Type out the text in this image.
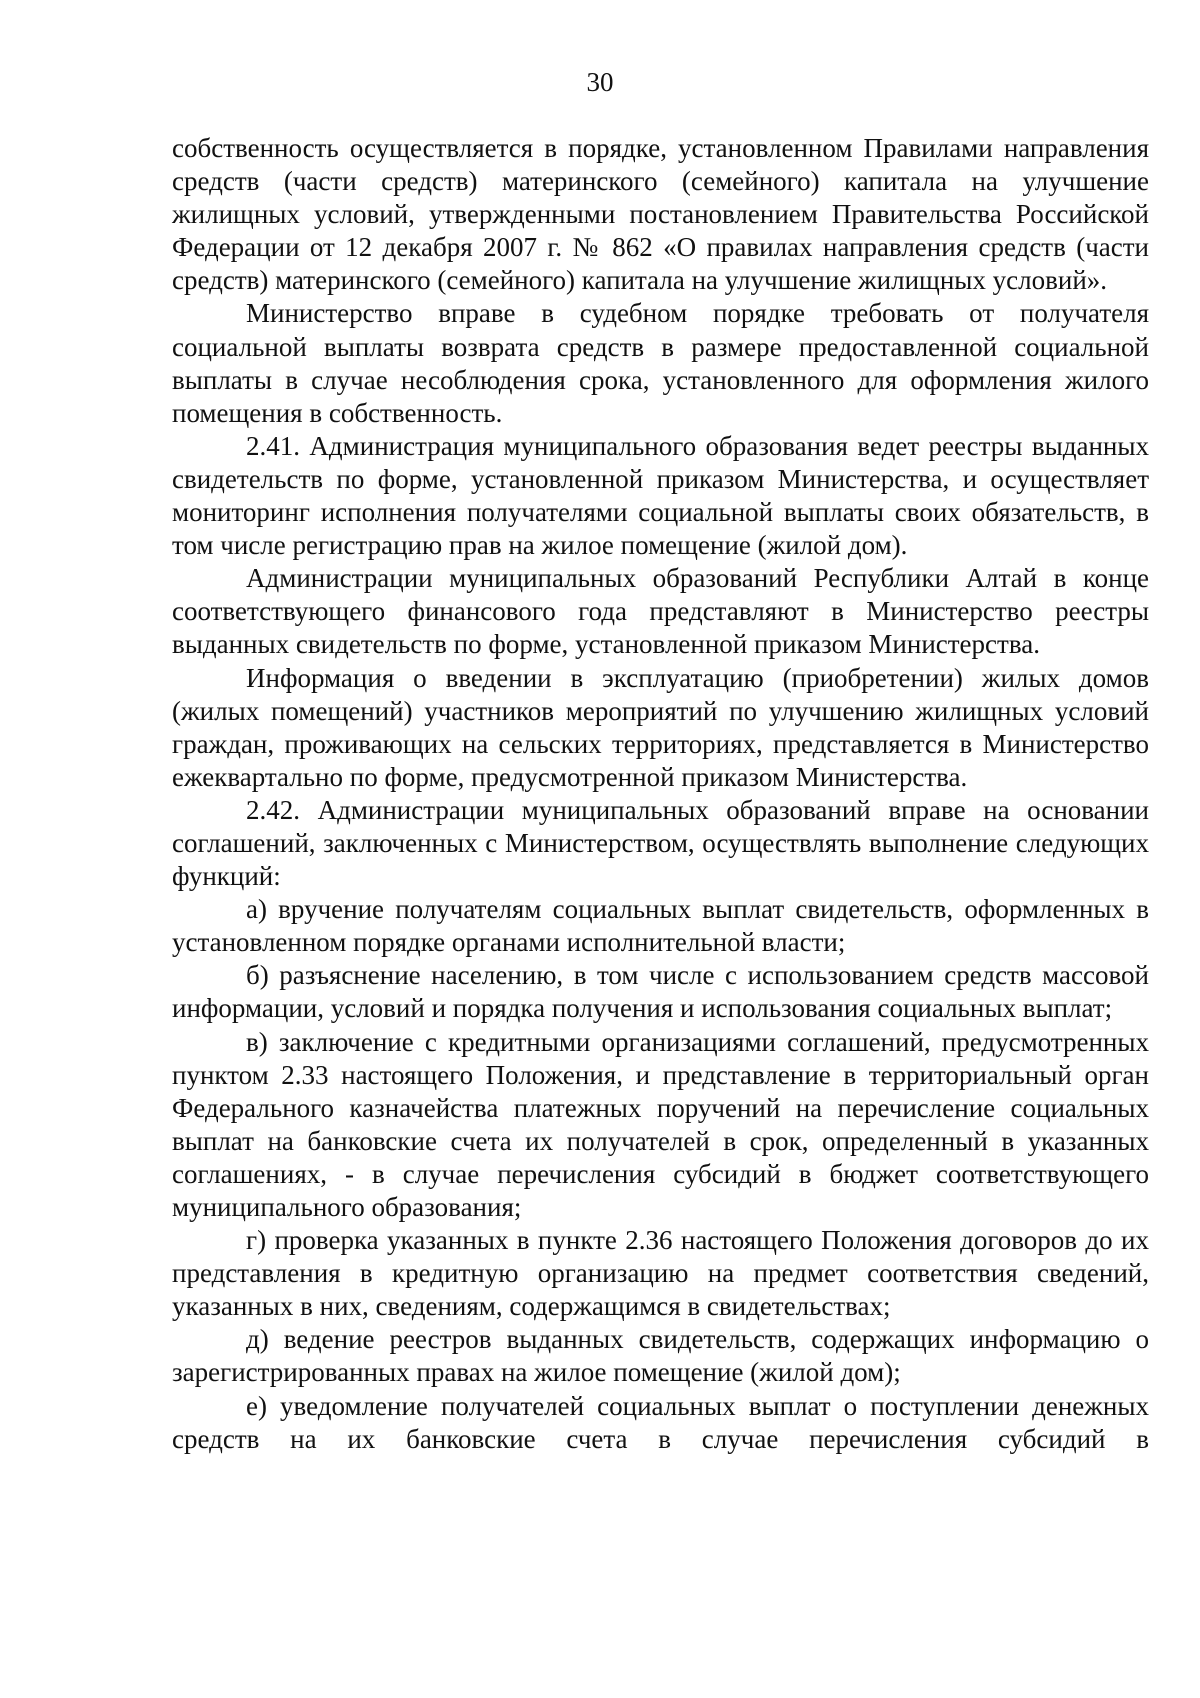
30

собственность осуществляется в порядке, установленном Правилами направления средств (части средств) материнского (семейного) капитала на улучшение жилищных условий, утвержденными постановлением Правительства Российской Федерации от 12 декабря 2007 г. № 862 «О правилах направления средств (части средств) материнского (семейного) капитала на улучшение жилищных условий».

Министерство вправе в судебном порядке требовать от получателя социальной выплаты возврата средств в размере предоставленной социальной выплаты в случае несоблюдения срока, установленного для оформления жилого помещения в собственность.

2.41. Администрация муниципального образования ведет реестры выданных свидетельств по форме, установленной приказом Министерства, и осуществляет мониторинг исполнения получателями социальной выплаты своих обязательств, в том числе регистрацию прав на жилое помещение (жилой дом).

Администрации муниципальных образований Республики Алтай в конце соответствующего финансового года представляют в Министерство реестры выданных свидетельств по форме, установленной приказом Министерства.

Информация о введении в эксплуатацию (приобретении) жилых домов (жилых помещений) участников мероприятий по улучшению жилищных условий граждан, проживающих на сельских территориях, представляется в Министерство ежеквартально по форме, предусмотренной приказом Министерства.

2.42. Администрации муниципальных образований вправе на основании соглашений, заключенных с Министерством, осуществлять выполнение следующих функций:

а) вручение получателям социальных выплат свидетельств, оформленных в установленном порядке органами исполнительной власти;

б) разъяснение населению, в том числе с использованием средств массовой информации, условий и порядка получения и использования социальных выплат;

в) заключение с кредитными организациями соглашений, предусмотренных пунктом 2.33 настоящего Положения, и представление в территориальный орган Федерального казначейства платежных поручений на перечисление социальных выплат на банковские счета их получателей в срок, определенный в указанных соглашениях, - в случае перечисления субсидий в бюджет соответствующего муниципального образования;

г) проверка указанных в пункте 2.36 настоящего Положения договоров до их представления в кредитную организацию на предмет соответствия сведений, указанных в них, сведениям, содержащимся в свидетельствах;

д) ведение реестров выданных свидетельств, содержащих информацию о зарегистрированных правах на жилое помещение (жилой дом);

е) уведомление получателей социальных выплат о поступлении денежных средств на их банковские счета в случае перечисления субсидий в
